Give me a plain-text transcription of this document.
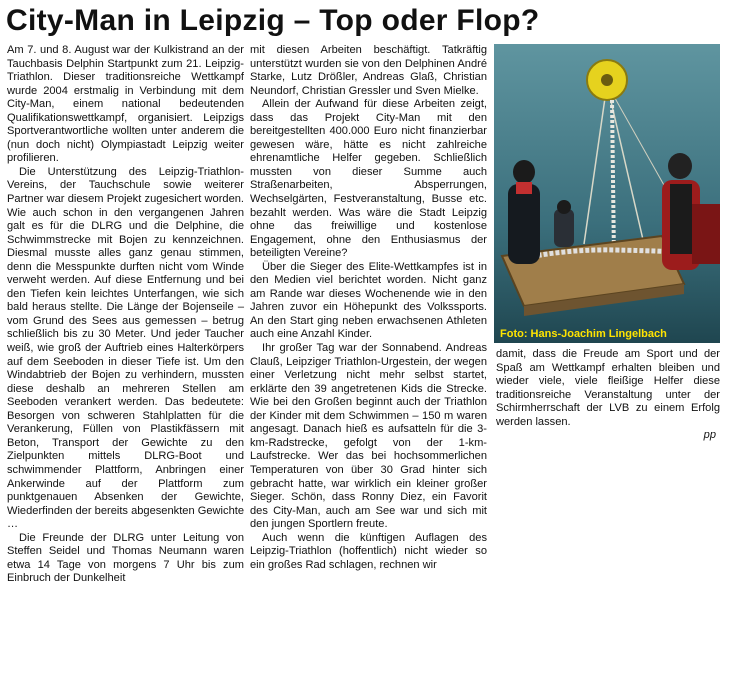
City-Man in Leipzig – Top oder Flop?

Am 7. und 8. August war der Kulkistrand an der Tauchbasis Delphin Startpunkt zum 21. Leipzig-Triathlon. Dieser traditionsreiche Wettkampf wurde 2004 erstmalig in Verbindung mit dem City-Man, einem national bedeutenden Qualifikationswettkampf, organisiert. Leipzigs Sportverantwortliche wollten unter anderem die (nun doch nicht) Olympiastadt Leipzig weiter profilieren.

Die Unterstützung des Leipzig-Triathlon-Vereins, der Tauchschule sowie weiterer Partner war diesem Projekt zugesichert worden. Wie auch schon in den vergangenen Jahren galt es für die DLRG und die Delphine, die Schwimmstrecke mit Bojen zu kennzeichnen. Diesmal musste alles ganz genau stimmen, denn die Messpunkte durften nicht vom Winde verweht werden. Auf diese Entfernung und bei den Tiefen kein leichtes Unterfangen, wie sich bald heraus stellte. Die Länge der Bojenseile – vom Grund des Sees aus gemessen – betrug schließlich bis zu 30 Meter. Und jeder Taucher weiß, wie groß der Auftrieb eines Halterkörpers auf dem Seeboden in dieser Tiefe ist. Um den Windabtrieb der Bojen zu verhindern, mussten diese deshalb an mehreren Stellen am Seeboden verankert werden. Das bedeutete: Besorgen von schweren Stahlplatten für die Verankerung, Füllen von Plastikfässern mit Beton, Transport der Gewichte zu den Zielpunkten mittels DLRG-Boot und schwimmender Plattform, Anbringen einer Ankerwinde auf der Plattform zum punktgenauen Absenken der Gewichte, Wiederfinden der bereits abgesenkten Gewichte …

Die Freunde der DLRG unter Leitung von Steffen Seidel und Thomas Neumann waren etwa 14 Tage von morgens 7 Uhr bis zum Einbruch der Dunkelheit

mit diesen Arbeiten beschäftigt. Tatkräftig unterstützt wurden sie von den Delphinen André Starke, Lutz Drößler, Andreas Glaß, Christian Neundorf, Christian Gressler und Sven Mielke.

Allein der Aufwand für diese Arbeiten zeigt, dass das Projekt City-Man mit den bereitgestellten 400.000 Euro nicht finanzierbar gewesen wäre, hätte es nicht zahlreiche ehrenamtliche Helfer gegeben. Schließlich mussten von dieser Summe auch Straßenarbeiten, Absperrungen, Wechselgärten, Festveranstaltung, Busse etc. bezahlt werden. Was wäre die Stadt Leipzig ohne das freiwillige und kostenlose Engagement, ohne den Enthusiasmus der beteiligten Vereine?

Über die Sieger des Elite-Wettkampfes ist in den Medien viel berichtet worden. Nicht ganz am Rande war dieses Wochenende wie in den Jahren zuvor ein Höhepunkt des Volkssports. An den Start ging neben erwachsenen Athleten auch eine Anzahl Kinder.

Ihr großer Tag war der Sonnabend. Andreas Clauß, Leipziger Triathlon-Urgestein, der wegen einer Verletzung nicht mehr selbst startet, erklärte den 39 angetretenen Kids die Strecke. Wie bei den Großen beginnt auch der Triathlon der Kinder mit dem Schwimmen – 150 m waren angesagt. Danach hieß es aufsatteln für die 3-km-Radstrecke, gefolgt von der 1-km-Laufstrecke. Wer das bei hochsommerlichen Temperaturen von über 30 Grad hinter sich gebracht hatte, war wirklich ein kleiner großer Sieger. Schön, dass Ronny Diez, ein Favorit des City-Man, auch am See war und sich mit den jungen Sportlern freute.

Auch wenn die künftigen Auflagen des Leipzig-Triathlon (hoffentlich) nicht wieder so ein großes Rad schlagen, rechnen wir

Foto: Hans-Joachim Lingelbach

damit, dass die Freude am Sport und der Spaß am Wettkampf erhalten bleiben und wieder viele, viele fleißige Helfer diese traditionsreiche Veranstaltung unter der Schirmherrschaft der LVB zu einem Erfolg werden lassen.

pp
